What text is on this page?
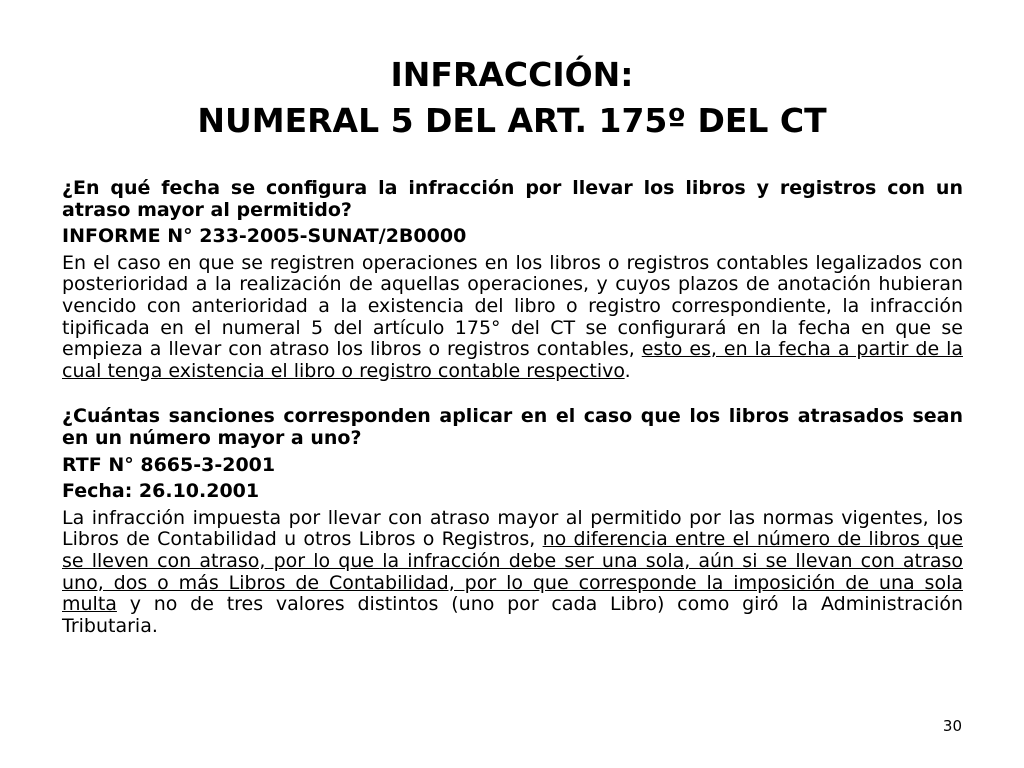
INFRACCIÓN:
NUMERAL 5 DEL ART. 175º DEL CT

¿En qué fecha se configura la infracción por llevar los libros y registros con un atraso mayor al permitido?

INFORME N° 233-2005-SUNAT/2B0000

En el caso en que se registren operaciones en los libros o registros contables legalizados con posterioridad a la realización de aquellas operaciones, y cuyos plazos de anotación hubieran vencido con anterioridad a la existencia del libro o registro correspondiente, la infracción tipificada en el numeral 5 del artículo 175° del CT se configurará en la fecha en que se empieza a llevar con atraso los libros o registros contables, esto es, en la fecha a partir de la cual tenga existencia el libro o registro contable respectivo.

¿Cuántas sanciones corresponden aplicar en el caso que los libros atrasados sean en un número mayor a uno?

RTF N° 8665-3-2001

Fecha: 26.10.2001

La infracción impuesta por llevar con atraso mayor al permitido por las normas vigentes, los Libros de Contabilidad u otros Libros o Registros, no diferencia entre el número de libros que se lleven con atraso, por lo que la infracción debe ser una sola, aún si se llevan con atraso uno, dos o más Libros de Contabilidad, por lo que corresponde la imposición de una sola multa y no de tres valores distintos (uno por cada Libro) como giró la Administración Tributaria.

30
